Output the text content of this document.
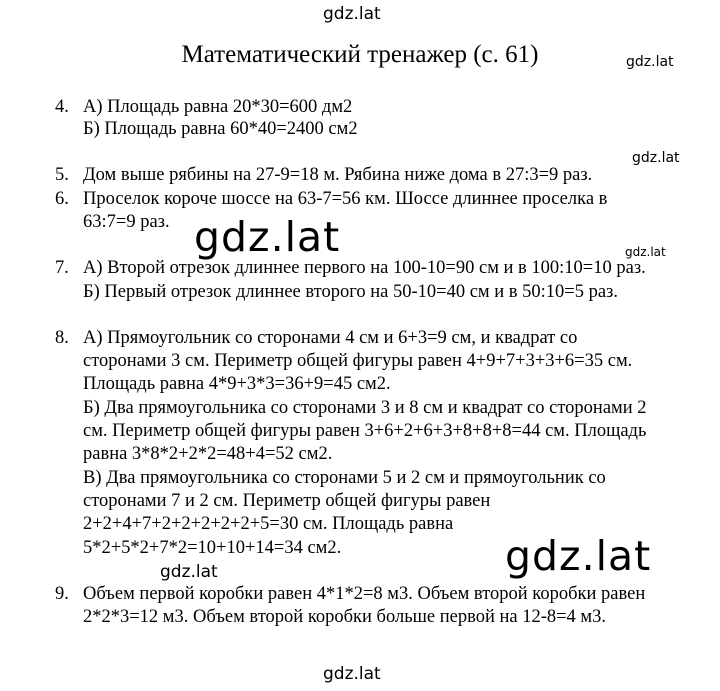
gdz.lat
gdz.lat
gdz.lat
gdz.lat	gdz.lat
gdz.lat
gdz.lat
gdz.lat
Математический тренажер (с. 61)
4. А) Площадь равна 20*30=600 дм2
Б) Площадь равна 60*40=2400 см2
5. Дом выше рябины на 27-9=18 м. Рябина ниже дома в 27:3=9 раз.
6. Проселок короче шоссе на 63-7=56 км. Шоссе длиннее проселка в
63:7=9 раз.
7. А) Второй отрезок длиннее первого на 100-10=90 см и в 100:10=10 раз.
Б) Первый отрезок длиннее второго на 50-10=40 см и в 50:10=5 раз.
8. А) Прямоугольник со сторонами 4 см и 6+3=9 см, и квадрат со
сторонами 3 см. Периметр общей фигуры равен 4+9+7+3+3+6=35 см.
Площадь равна 4*9+3*3=36+9=45 см2.
Б) Два прямоугольника со сторонами 3 и 8 см и квадрат со сторонами 2
см. Периметр общей фигуры равен 3+6+2+6+3+8+8+8=44 см. Площадь
равна 3*8*2+2*2=48+4=52 см2.
В) Два прямоугольника со сторонами 5 и 2 см и прямоугольник со
сторонами 7 и 2 см. Периметр общей фигуры равен
2+2+4+7+2+2+2+2+2+5=30 см. Площадь равна
5*2+5*2+7*2=10+10+14=34 см2.
9. Объем первой коробки равен 4*1*2=8 м3. Объем второй коробки равен
2*2*3=12 м3. Объем второй коробки больше первой на 12-8=4 м3.
